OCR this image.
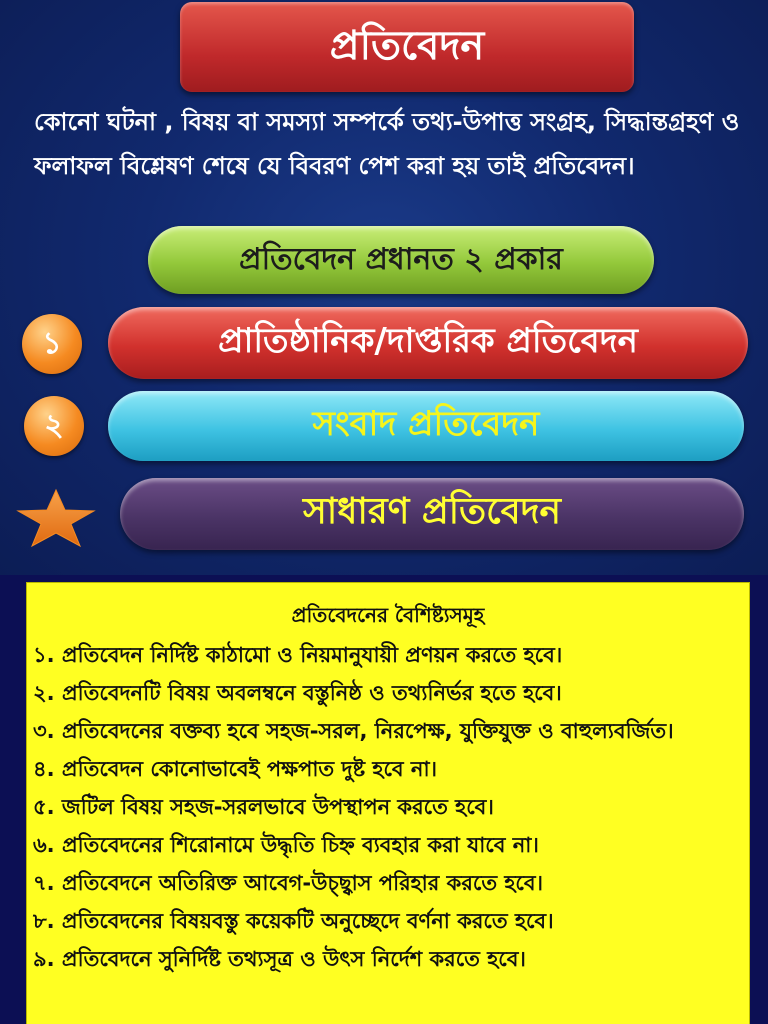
প্রতিবেদন

কোনো ঘটনা , বিষয় বা সমস্যা সম্পর্কে তথ্য-উপাত্ত সংগ্রহ, সিদ্ধান্তগ্রহণ ও ফলাফল বিশ্লেষণ শেষে যে বিবরণ পেশ করা হয় তাই প্রতিবেদন।

প্রতিবেদন প্রধানত ২ প্রকার
১	প্রাতিষ্ঠানিক/দাপ্তরিক প্রতিবেদন
২	সংবাদ প্রতিবেদন
সাধারণ প্রতিবেদন
প্রতিবেদনের বৈশিষ্ট্যসমূহ
১. প্রতিবেদন নির্দিষ্ট কাঠামো ও নিয়মানুযায়ী প্রণয়ন করতে হবে।
২. প্রতিবেদনটি বিষয় অবলম্বনে বস্তুনিষ্ঠ ও তথ্যনির্ভর হতে হবে।
৩. প্রতিবেদনের বক্তব্য হবে সহজ-সরল, নিরপেক্ষ, যুক্তিযুক্ত ও বাহুল্যবর্জিত।
৪. প্রতিবেদন কোনোভাবেই পক্ষপাত দুষ্ট হবে না।
৫. জটিল বিষয় সহজ-সরলভাবে উপস্থাপন করতে হবে।
৬. প্রতিবেদনের শিরোনামে উদ্ধৃতি চিহ্ন ব্যবহার করা যাবে না।
৭. প্রতিবেদনে অতিরিক্ত আবেগ-উচ্ছ্বাস পরিহার করতে হবে।
৮. প্রতিবেদনের বিষয়বস্তু কয়েকটি অনুচ্ছেদে বর্ণনা করতে হবে।
৯. প্রতিবেদনে সুনির্দিষ্ট তথ্যসূত্র ও উৎস নির্দেশ করতে হবে।
